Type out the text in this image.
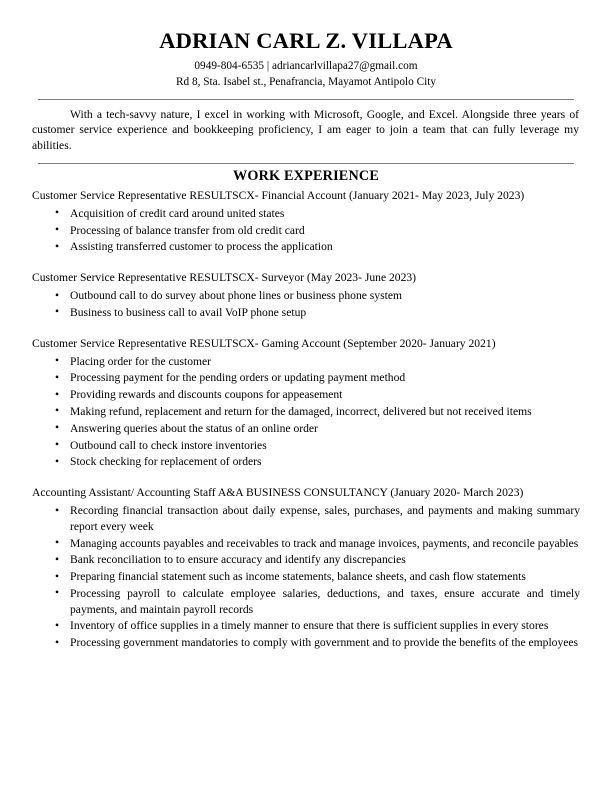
ADRIAN CARL Z. VILLAPA
0949-804-6535 | adriancarlvillapa27@gmail.com
Rd 8, Sta. Isabel st., Penafrancia, Mayamot Antipolo City

With a tech-savvy nature, I excel in working with Microsoft, Google, and Excel. Alongside three years of customer service experience and bookkeeping proficiency, I am eager to join a team that can fully leverage my abilities.

WORK EXPERIENCE
Customer Service Representative RESULTSCX- Financial Account (January 2021- May 2023, July 2023)
• Acquisition of credit card around united states
• Processing of balance transfer from old credit card
• Assisting transferred customer to process the application
Customer Service Representative RESULTSCX- Surveyor (May 2023- June 2023)
• Outbound call to do survey about phone lines or business phone system
• Business to business call to avail VoIP phone setup
Customer Service Representative RESULTSCX- Gaming Account (September 2020- January 2021)
• Placing order for the customer
• Processing payment for the pending orders or updating payment method
• Providing rewards and discounts coupons for appeasement
• Making refund, replacement and return for the damaged, incorrect, delivered but not received items
• Answering queries about the status of an online order
• Outbound call to check instore inventories
• Stock checking for replacement of orders
Accounting Assistant/ Accounting Staff A&A BUSINESS CONSULTANCY (January 2020- March 2023)
• Recording financial transaction about daily expense, sales, purchases, and payments and making summary report every week
• Managing accounts payables and receivables to track and manage invoices, payments, and reconcile payables
• Bank reconciliation to to ensure accuracy and identify any discrepancies
• Preparing financial statement such as income statements, balance sheets, and cash flow statements
• Processing payroll to calculate employee salaries, deductions, and taxes, ensure accurate and timely payments, and maintain payroll records
• Inventory of office supplies in a timely manner to ensure that there is sufficient supplies in every stores
• Processing government mandatories to comply with government and to provide the benefits of the employees
